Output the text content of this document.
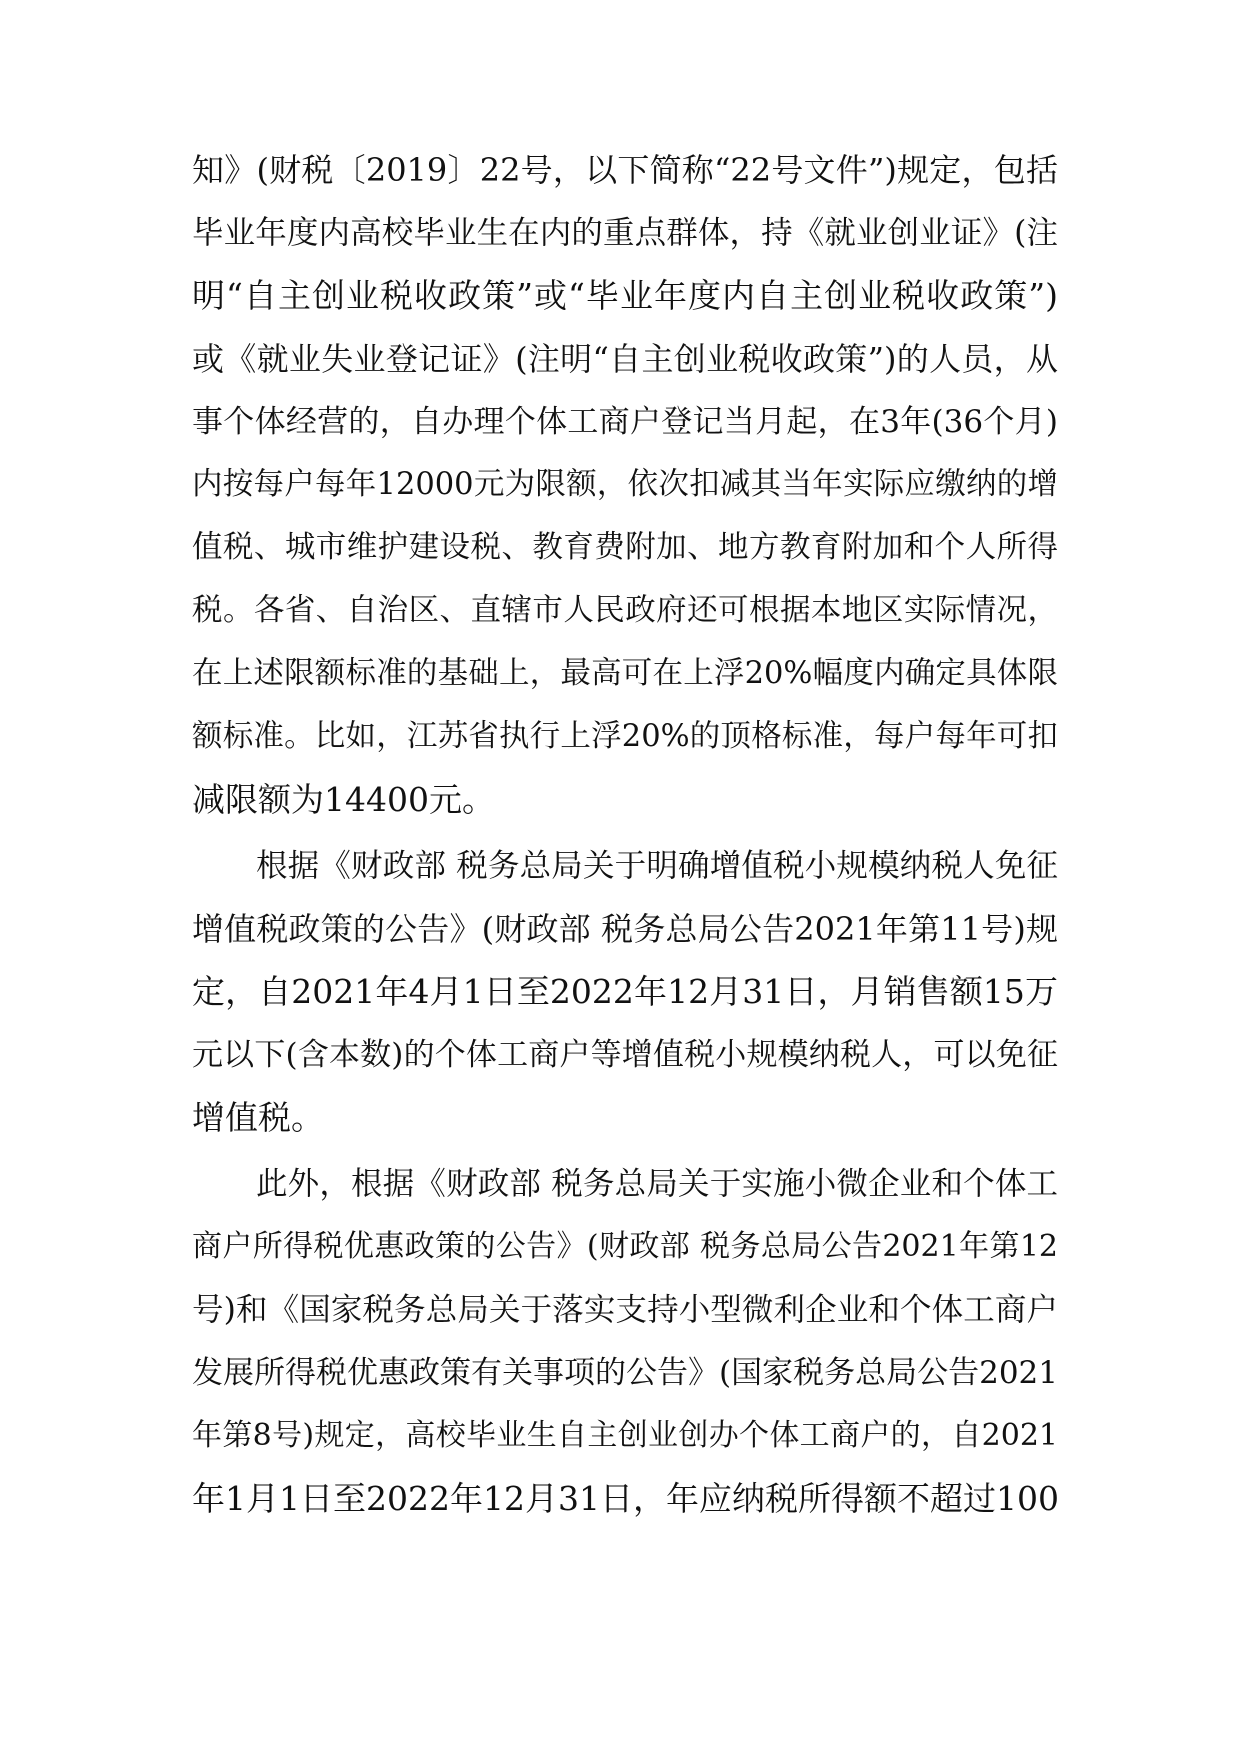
知》(财税〔2019〕22号，以下简称“22号文件”)规定，包括
毕业年度内高校毕业生在内的重点群体，持《就业创业证》(注
明“自主创业税收政策”或“毕业年度内自主创业税收政策”)
或《就业失业登记证》(注明“自主创业税收政策”)的人员，从
事个体经营的，自办理个体工商户登记当月起，在3年(36个月)
内按每户每年12000元为限额，依次扣减其当年实际应缴纳的增
值税、城市维护建设税、教育费附加、地方教育附加和个人所得
税。各省、自治区、直辖市人民政府还可根据本地区实际情况，
在上述限额标准的基础上，最高可在上浮20%幅度内确定具体限
额标准。比如，江苏省执行上浮20%的顶格标准，每户每年可扣
减限额为14400元。
根据《财政部 税务总局关于明确增值税小规模纳税人免征
增值税政策的公告》(财政部 税务总局公告2021年第11号)规
定，自2021年4月1日至2022年12月31日，月销售额15万
元以下(含本数)的个体工商户等增值税小规模纳税人，可以免征
增值税。
此外，根据《财政部 税务总局关于实施小微企业和个体工
商户所得税优惠政策的公告》(财政部 税务总局公告2021年第12
号)和《国家税务总局关于落实支持小型微利企业和个体工商户
发展所得税优惠政策有关事项的公告》(国家税务总局公告2021
年第8号)规定，高校毕业生自主创业创办个体工商户的，自2021
年1月1日至2022年12月31日，年应纳税所得额不超过100
